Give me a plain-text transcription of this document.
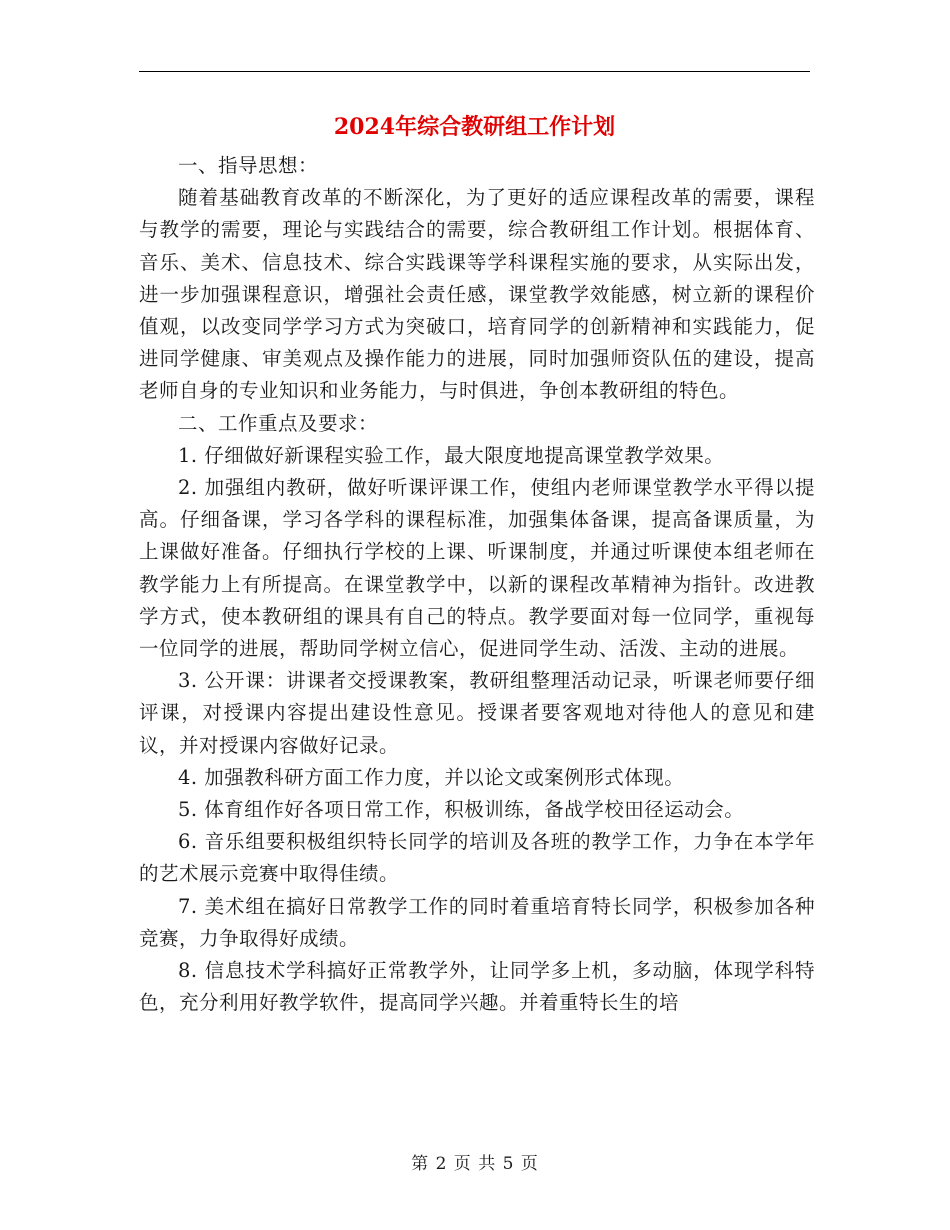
2024年综合教研组工作计划

一、指导思想：

随着基础教育改革的不断深化，为了更好的适应课程改革的需要，课程与教学的需要，理论与实践结合的需要，综合教研组工作计划。根据体育、音乐、美术、信息技术、综合实践课等学科课程实施的要求，从实际出发，进一步加强课程意识，增强社会责任感，课堂教学效能感，树立新的课程价值观，以改变同学学习方式为突破口，培育同学的创新精神和实践能力，促进同学健康、审美观点及操作能力的进展，同时加强师资队伍的建设，提高老师自身的专业知识和业务能力，与时俱进，争创本教研组的特色。

二、工作重点及要求：

1. 仔细做好新课程实验工作，最大限度地提高课堂教学效果。

2. 加强组内教研，做好听课评课工作，使组内老师课堂教学水平得以提高。仔细备课，学习各学科的课程标准，加强集体备课，提高备课质量，为上课做好准备。仔细执行学校的上课、听课制度，并通过听课使本组老师在教学能力上有所提高。在课堂教学中，以新的课程改革精神为指针。改进教学方式，使本教研组的课具有自己的特点。教学要面对每一位同学，重视每一位同学的进展，帮助同学树立信心，促进同学生动、活泼、主动的进展。

3. 公开课：讲课者交授课教案，教研组整理活动记录，听课老师要仔细评课，对授课内容提出建设性意见。授课者要客观地对待他人的意见和建议，并对授课内容做好记录。

4. 加强教科研方面工作力度，并以论文或案例形式体现。

5. 体育组作好各项日常工作，积极训练，备战学校田径运动会。

6. 音乐组要积极组织特长同学的培训及各班的教学工作，力争在本学年的艺术展示竞赛中取得佳绩。

7. 美术组在搞好日常教学工作的同时着重培育特长同学，积极参加各种竞赛，力争取得好成绩。

8. 信息技术学科搞好正常教学外，让同学多上机，多动脑，体现学科特色，充分利用好教学软件，提高同学兴趣。并着重特长生的培

第 2 页 共 5 页
